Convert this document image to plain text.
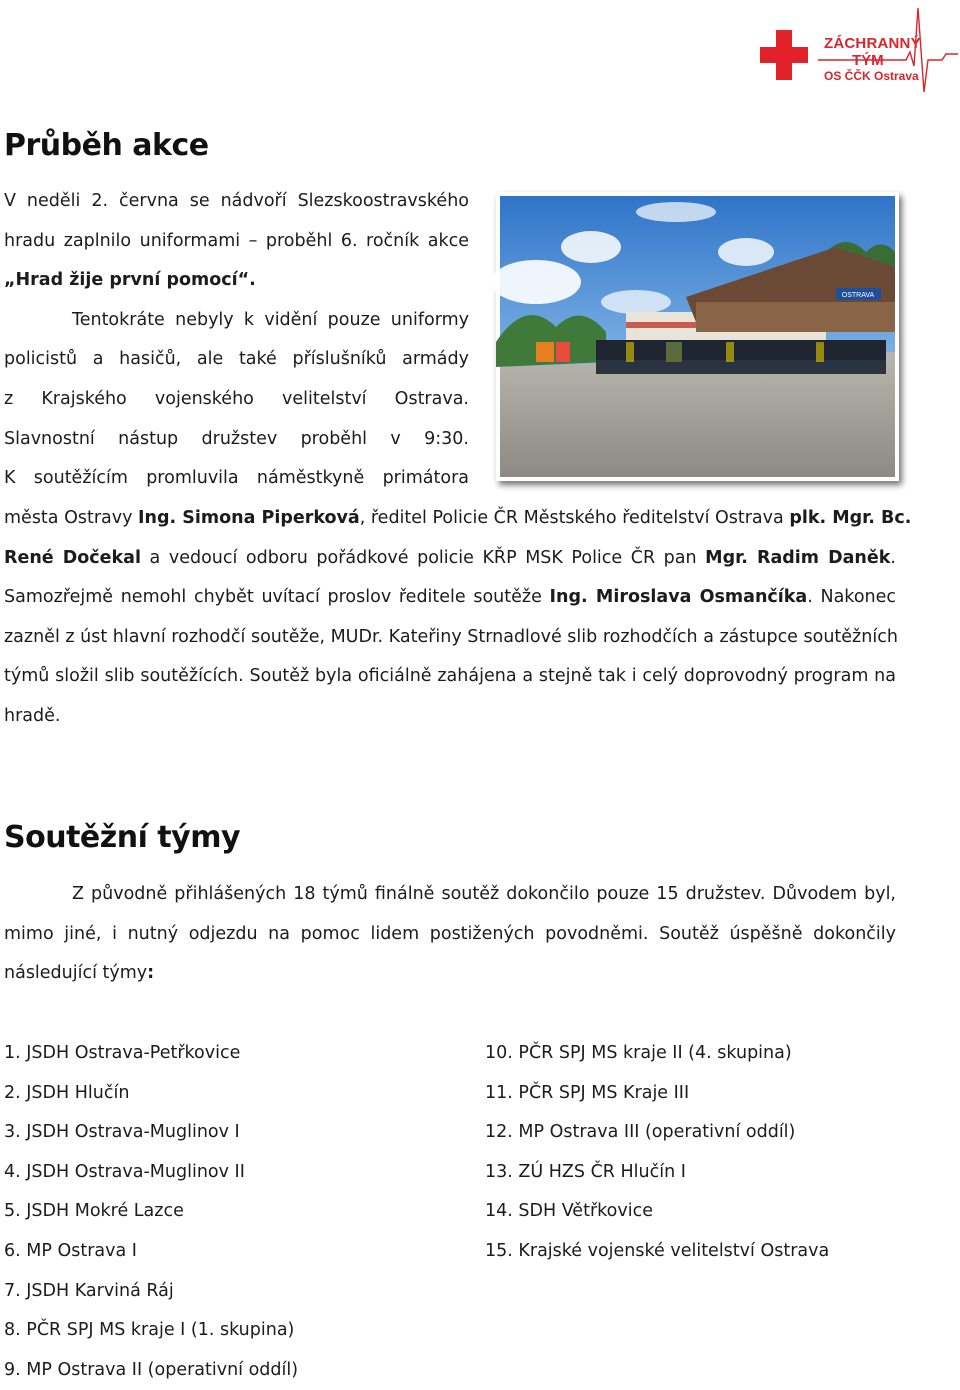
ZÁCHRANNÝ
TÝM
OS ČČK Ostrava
Průběh akce
V neděli 2. června se nádvoří Slezskoostravského
hradu zaplnilo uniformami – proběhl 6. ročník akce
„Hrad žije první pomocí“.
Tentokráte nebyly k vidění pouze uniformy
policistů a hasičů, ale také příslušníků armády
z Krajského vojenského velitelství Ostrava.
Slavnostní nástup družstev proběhl v 9:30.
K soutěžícím promluvila náměstkyně primátora
OSTRAVA
města Ostravy Ing. Simona Piperková, ředitel Policie ČR Městského ředitelství Ostrava plk. Mgr. Bc.
René Dočekal a vedoucí odboru pořádkové policie KŘP MSK Police ČR pan Mgr. Radim Daněk.
Samozřejmě nemohl chybět uvítací proslov ředitele soutěže Ing. Miroslava Osmančíka. Nakonec
zazněl z úst hlavní rozhodčí soutěže, MUDr. Kateřiny Strnadlové slib rozhodčích a zástupce soutěžních
týmů složil slib soutěžících. Soutěž byla oficiálně zahájena a stejně tak i celý doprovodný program na
hradě.
Soutěžní týmy
Z původně přihlášených 18 týmů finálně soutěž dokončilo pouze 15 družstev. Důvodem byl,
mimo jiné, i nutný odjezdu na pomoc lidem postižených povodněmi. Soutěž úspěšně dokončily
následující týmy:
1. JSDH Ostrava-Petřkovice
2. JSDH Hlučín
3. JSDH Ostrava-Muglinov I
4. JSDH Ostrava-Muglinov II
5. JSDH Mokré Lazce
6. MP Ostrava I
7. JSDH Karviná Ráj
8. PČR SPJ MS kraje I (1. skupina)
9. MP Ostrava II (operativní oddíl)
10. PČR SPJ MS kraje II (4. skupina)
11. PČR SPJ MS Kraje III
12. MP Ostrava III (operativní oddíl)
13. ZÚ HZS ČR Hlučín I
14. SDH Větřkovice
15. Krajské vojenské velitelství Ostrava
